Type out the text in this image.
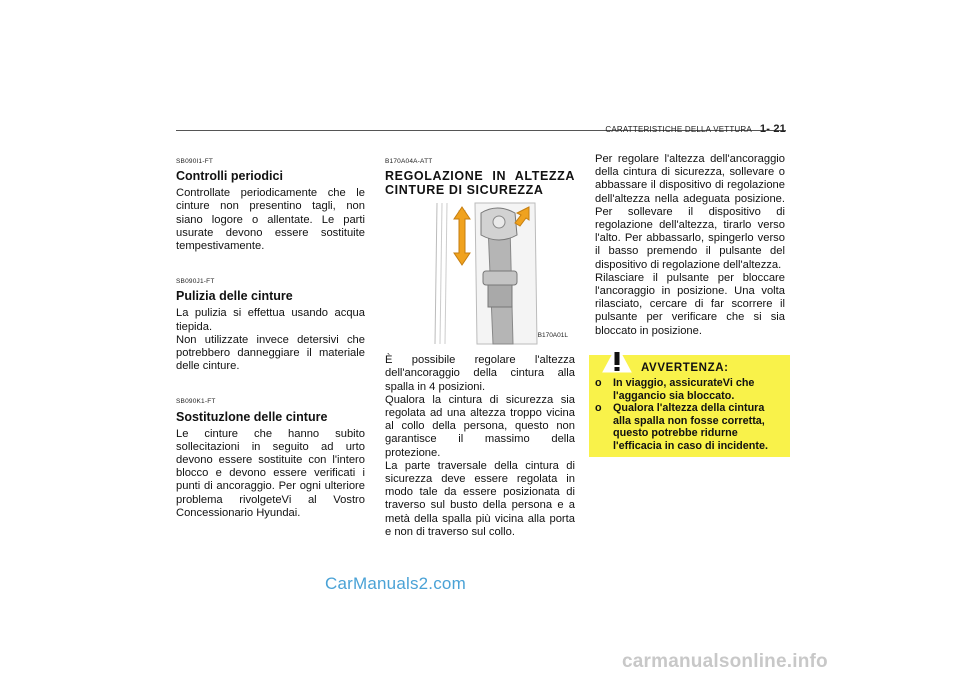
CARATTERISTICHE DELLA VETTURA 1- 21
SB090I1-FT
Controlli periodici

Controllate periodicamente che le cinture non presentino tagli, non siano logore o allentate. Le parti usurate devono essere sostituite tempestivamente.

SB090J1-FT
Pulizia delle cinture

La pulizia si effettua usando acqua tiepida.

Non utilizzate invece detersivi che potrebbero danneggiare il materiale delle cinture.

SB090K1-FT
Sostituzlone delle cinture

Le cinture che hanno subito sollecitazioni in seguito ad urto devono essere sostituite con l'intero blocco e devono essere verificati i punti di ancoraggio. Per ogni ulteriore problema rivolgeteVi al Vostro Concessionario Hyundai.

B170A04A-ATT
REGOLAZIONE IN ALTEZZA CINTURE DI SICUREZZA
B170A01L

È possibile regolare l'altezza dell'ancoraggio della cintura alla spalla in 4 posizioni.

Qualora la cintura di sicurezza sia regolata ad una altezza troppo vicina al collo della persona, questo non garantisce il massimo della protezione.

La parte traversale della cintura di sicurezza deve essere regolata in modo tale da essere posizionata di traverso sul busto della persona e a metà della spalla più vicina alla porta e non di traverso sul collo.

Per regolare l'altezza dell'ancoraggio della cintura di sicurezza, sollevare o abbassare il dispositivo di regolazione dell'altezza nella adeguata posizione. Per sollevare il dispositivo di regolazione dell'altezza, tirarlo verso l'alto. Per abbassarlo, spingerlo verso il basso premendo il pulsante del dispositivo di regolazione dell'altezza.

Rilasciare il pulsante per bloccare l'ancoraggio in posizione. Una volta rilasciato, cercare di far scorrere il pulsante per verificare che si sia bloccato in posizione.

AVVERTENZA:
o In viaggio, assicurateVi che l'aggancio sia bloccato.
o Qualora l'altezza della cintura alla spalla non fosse corretta, questo potrebbe ridurne l'efficacia in caso di incidente.
CarManuals2.com
carmanualsonline.info
